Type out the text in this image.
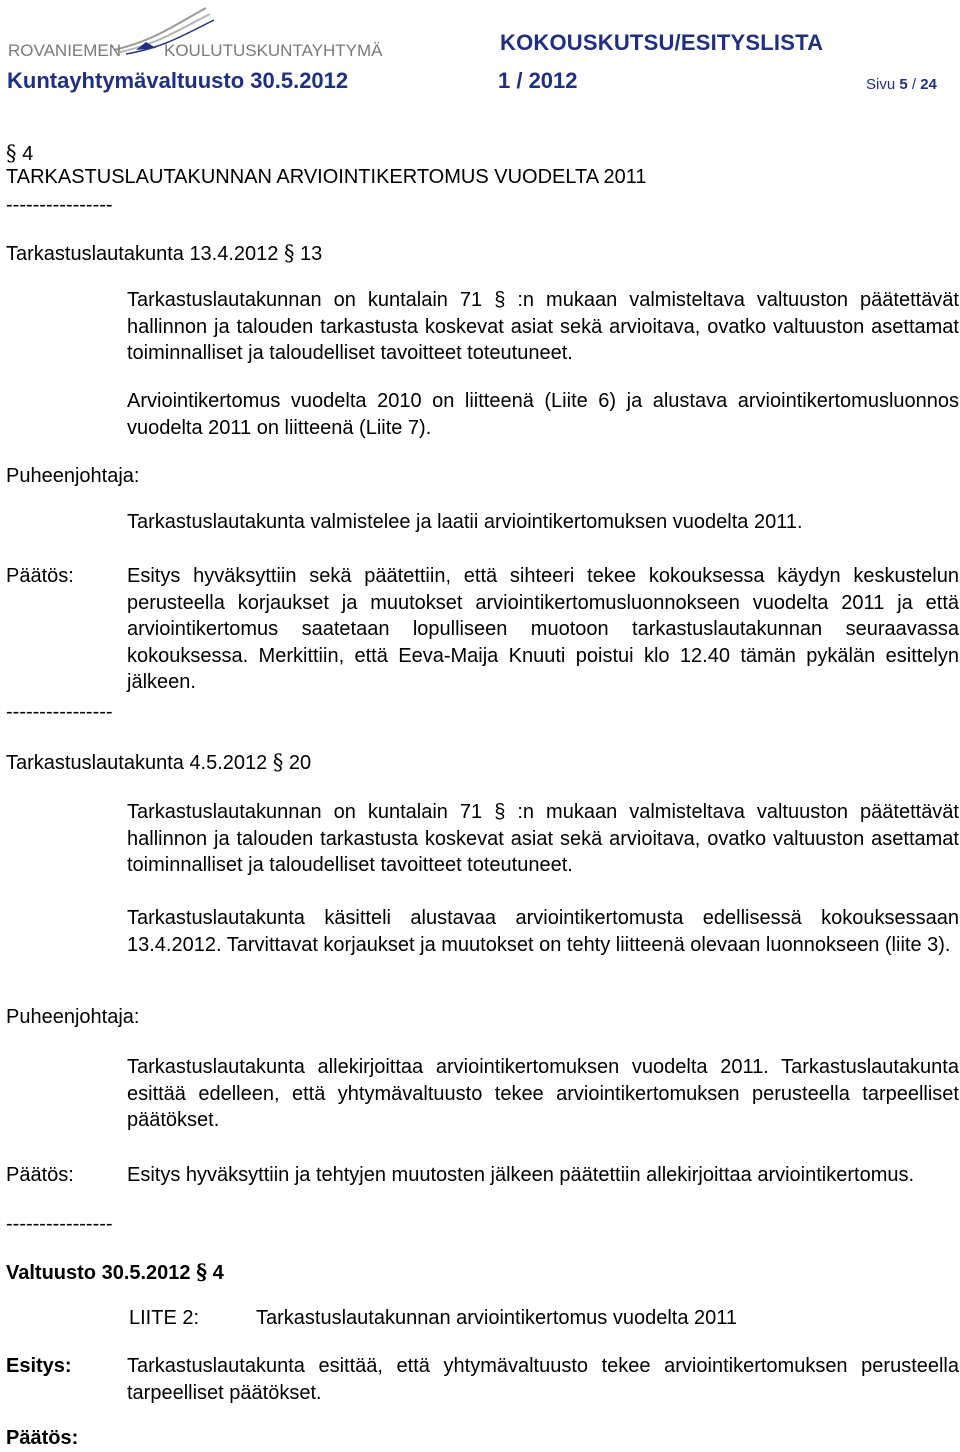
ROVANIEMEN	KOULUTUSKUNTAYHTYMÄ	KOKOUSKUTSU/ESITYSLISTA
Kuntayhtymävaltuusto 30.5.2012	1 / 2012	Sivu 5 / 24
§ 4
TARKASTUSLAUTAKUNNAN ARVIOINTIKERTOMUS VUODELTA 2011
----------------
Tarkastuslautakunta 13.4.2012 § 13
Tarkastuslautakunnan on kuntalain 71 § :n mukaan valmisteltava valtuuston päätettävät hallinnon ja talouden tarkastusta koskevat asiat sekä arvioitava, ovatko valtuuston asettamat toiminnalliset ja taloudelliset tavoitteet toteutuneet.
Arviointikertomus vuodelta 2010 on liitteenä (Liite 6) ja alustava arviointikertomusluonnos vuodelta 2011 on liitteenä (Liite 7).
Puheenjohtaja:
Tarkastuslautakunta valmistelee ja laatii arviointikertomuksen vuodelta 2011.
Päätös:	Esitys hyväksyttiin sekä päätettiin, että sihteeri tekee kokouksessa käydyn keskustelun perusteella korjaukset ja muutokset arviointikertomusluonnokseen vuodelta 2011 ja että arviointikertomus saatetaan lopulliseen muotoon tarkastuslautakunnan seuraavassa kokouksessa. Merkittiin, että Eeva-Maija Knuuti poistui klo 12.40 tämän pykälän esittelyn jälkeen.
----------------
Tarkastuslautakunta 4.5.2012 § 20
Tarkastuslautakunnan on kuntalain 71 § :n mukaan valmisteltava valtuuston päätettävät hallinnon ja talouden tarkastusta koskevat asiat sekä arvioitava, ovatko valtuuston asettamat toiminnalliset ja taloudelliset tavoitteet toteutuneet.
Tarkastuslautakunta käsitteli alustavaa arviointikertomusta edellisessä kokouksessaan 13.4.2012. Tarvittavat korjaukset ja muutokset on tehty liitteenä olevaan luonnokseen (liite 3).
Puheenjohtaja:
Tarkastuslautakunta allekirjoittaa arviointikertomuksen vuodelta 2011. Tarkastuslautakunta esittää edelleen, että yhtymävaltuusto tekee arviointikertomuksen perusteella tarpeelliset päätökset.
Päätös:	Esitys hyväksyttiin ja tehtyjen muutosten jälkeen päätettiin allekirjoittaa arviointikertomus.
----------------
Valtuusto 30.5.2012 § 4
LIITE 2:	Tarkastuslautakunnan arviointikertomus vuodelta 2011
Esitys:	Tarkastuslautakunta esittää, että yhtymävaltuusto tekee arviointikertomuksen perusteella tarpeelliset päätökset.
Päätös:
